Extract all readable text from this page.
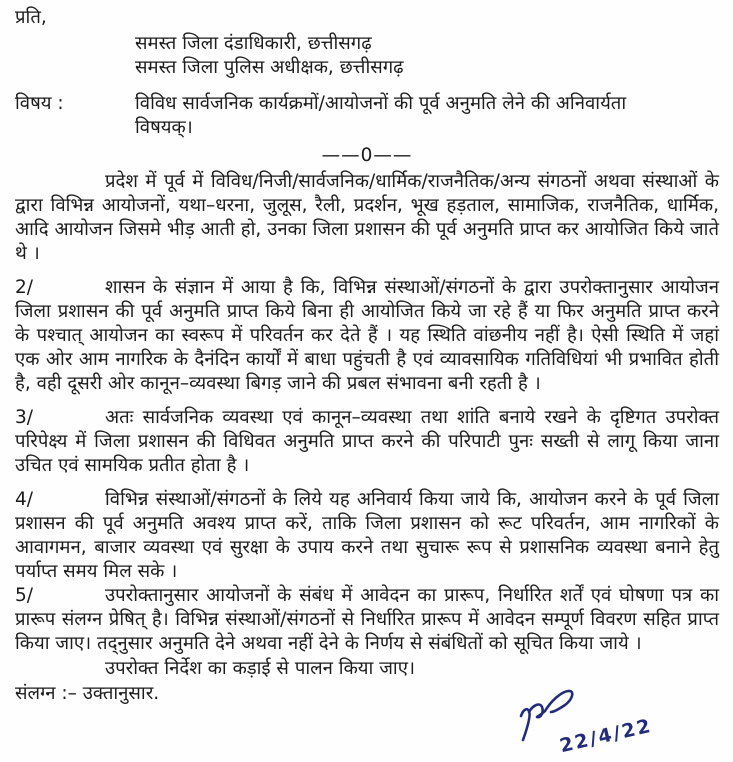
प्रति,

समस्त जिला दंडाधिकारी, छत्तीसगढ़

समस्त जिला पुलिस अधीक्षक, छत्तीसगढ़

विषय :	विविध सार्वजनिक कार्यक्रमों/आयोजनों की पूर्व अनुमति लेने की अनिवार्यता विषयक्।
——0——

प्रदेश में पूर्व में विविध/निजी/सार्वजनिक/धार्मिक/राजनैतिक/अन्य संगठनों अथवा संस्थाओं के द्वारा विभिन्न आयोजनों, यथा–धरना, जुलूस, रैली, प्रदर्शन, भूख हड़ताल, सामाजिक, राजनैतिक, धार्मिक, आदि आयोजन जिसमे भीड़ आती हो, उनका जिला प्रशासन की पूर्व अनुमति प्राप्त कर आयोजित किये जाते थे ।

2/	शासन के संज्ञान में आया है कि, विभिन्न संस्थाओं/संगठनों के द्वारा उपरोक्तानुसार आयोजन जिला प्रशासन की पूर्व अनुमति प्राप्त किये बिना ही आयोजित किये जा रहे हैं या फिर अनुमति प्राप्त करने के पश्चात् आयोजन का स्वरूप में परिवर्तन कर देते हैं । यह स्थिति वांछनीय नहीं है। ऐसी स्थिति में जहां एक ओर आम नागरिक के दैनंदिन कार्यों में बाधा पहुंचती है एवं व्यावसायिक गतिविधियां भी प्रभावित होती है, वही दूसरी ओर कानून–व्यवस्था बिगड़ जाने की प्रबल संभावना बनी रहती है ।

3/	अतः सार्वजनिक व्यवस्था एवं कानून–व्यवस्था तथा शांति बनाये रखने के दृष्टिगत उपरोक्त परिपेक्ष्य में जिला प्रशासन की विधिवत अनुमति प्राप्त करने की परिपाटी पुनः सख्ती से लागू किया जाना उचित एवं सामयिक प्रतीत होता है ।

4/	विभिन्न संस्थाओं/संगठनों के लिये यह अनिवार्य किया जाये कि, आयोजन करने के पूर्व जिला प्रशासन की पूर्व अनुमति अवश्य प्राप्त करें, ताकि जिला प्रशासन को रूट परिवर्तन, आम नागरिकों के आवागमन, बाजार व्यवस्था एवं सुरक्षा के उपाय करने तथा सुचारू रूप से प्रशासनिक व्यवस्था बनाने हेतु पर्याप्त समय मिल सके ।

5/	उपरोक्तानुसार आयोजनों के संबंध में आवेदन का प्रारूप, निर्धारित शर्तें एवं घोषणा पत्र का प्रारूप संलग्न प्रेषित् है। विभिन्न संस्थाओं/संगठनों से निर्धारित प्रारूप में आवेदन सम्पूर्ण विवरण सहित प्राप्त किया जाए। तद्नुसार अनुमति देने अथवा नहीं देने के निर्णय से संबंधितों को सूचित किया जाये ।

उपरोक्त निर्देश का कड़ाई से पालन किया जाए।

संलग्न :– उक्तानुसार.

22/4/22
